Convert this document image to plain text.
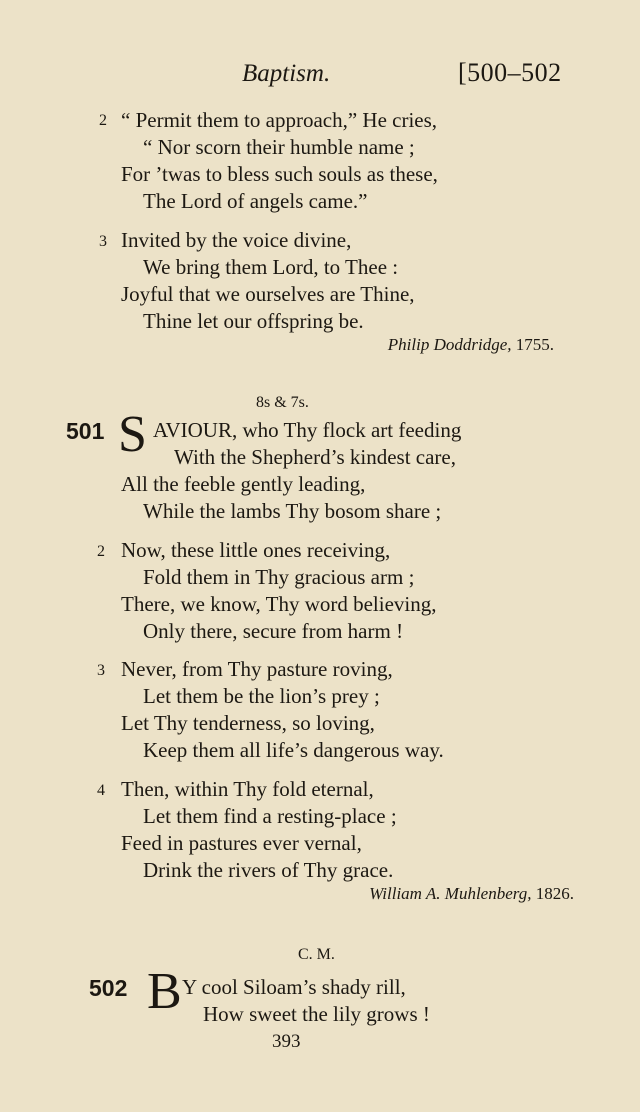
Baptism.	[500–502
2 “ Permit them to approach,” He cries,
“ Nor scorn their humble name ;
For ’twas to bless such souls as these,
The Lord of angels came.”
3 Invited by the voice divine,
We bring them Lord, to Thee :
Joyful that we ourselves are Thine,
Thine let our offspring be.
Philip Doddridge, 1755.
8s & 7s.
501 S AVIOUR, who Thy flock art feeding
With the Shepherd’s kindest care,
All the feeble gently leading,
While the lambs Thy bosom share ;
2 Now, these little ones receiving,
Fold them in Thy gracious arm ;
There, we know, Thy word believing,
Only there, secure from harm !
3 Never, from Thy pasture roving,
Let them be the lion’s prey ;
Let Thy tenderness, so loving,
Keep them all life’s dangerous way.
4 Then, within Thy fold eternal,
Let them find a resting-place ;
Feed in pastures ever vernal,
Drink the rivers of Thy grace.
William A. Muhlenberg, 1826.
C. M.
502 B Y cool Siloam’s shady rill,
How sweet the lily grows !
393
